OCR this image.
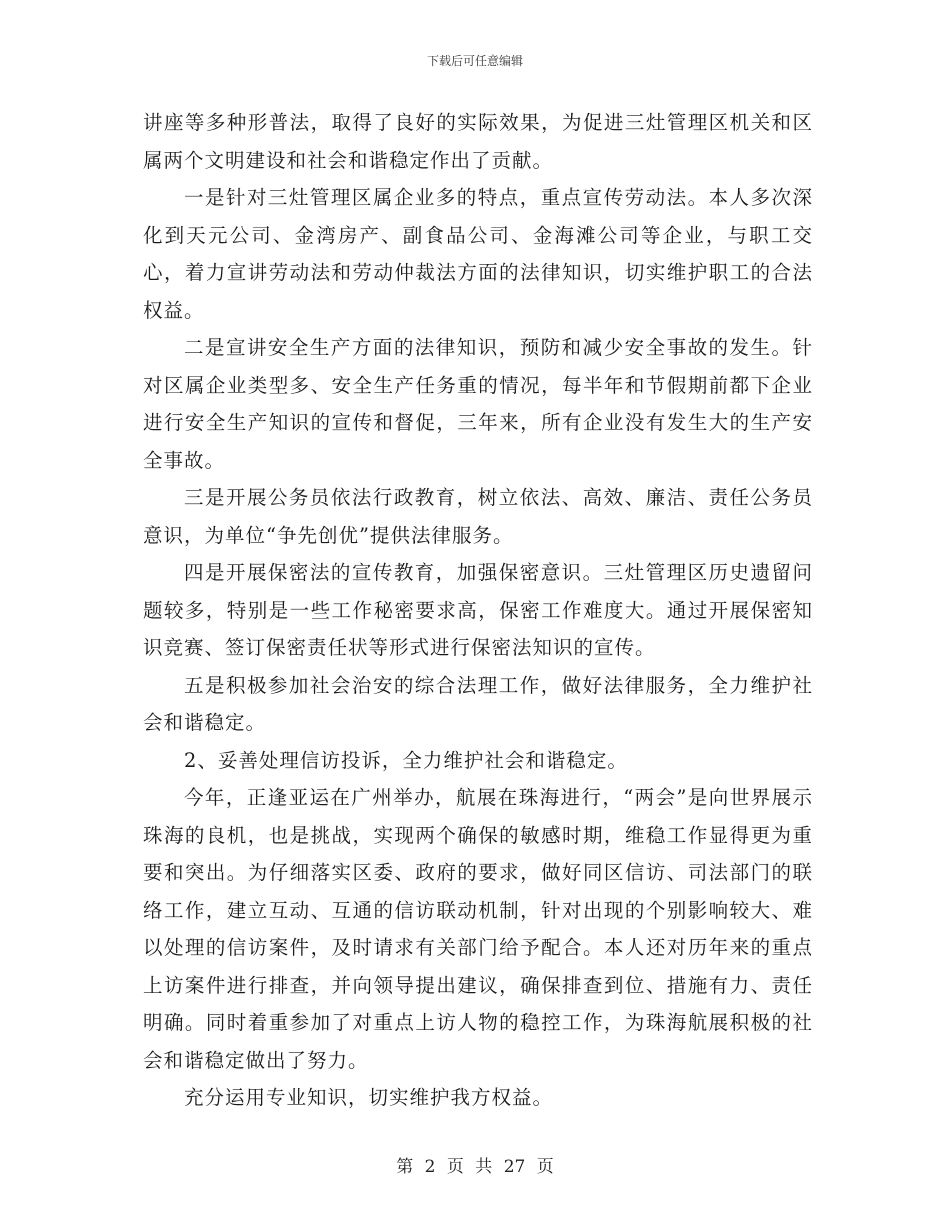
下载后可任意编辑

讲座等多种形普法，取得了良好的实际效果，为促进三灶管理区机关和区属两个文明建设和社会和谐稳定作出了贡献。

一是针对三灶管理区属企业多的特点，重点宣传劳动法。本人多次深化到天元公司、金湾房产、副食品公司、金海滩公司等企业，与职工交心，着力宣讲劳动法和劳动仲裁法方面的法律知识，切实维护职工的合法权益。

二是宣讲安全生产方面的法律知识，预防和减少安全事故的发生。针对区属企业类型多、安全生产任务重的情况，每半年和节假期前都下企业进行安全生产知识的宣传和督促，三年来，所有企业没有发生大的生产安全事故。

三是开展公务员依法行政教育，树立依法、高效、廉洁、责任公务员意识，为单位“争先创优”提供法律服务。

四是开展保密法的宣传教育，加强保密意识。三灶管理区历史遗留问题较多，特别是一些工作秘密要求高，保密工作难度大。通过开展保密知识竞赛、签订保密责任状等形式进行保密法知识的宣传。

五是积极参加社会治安的综合法理工作，做好法律服务，全力维护社会和谐稳定。

2、妥善处理信访投诉，全力维护社会和谐稳定。

今年，正逢亚运在广州举办，航展在珠海进行，“两会”是向世界展示珠海的良机，也是挑战，实现两个确保的敏感时期，维稳工作显得更为重要和突出。为仔细落实区委、政府的要求，做好同区信访、司法部门的联络工作，建立互动、互通的信访联动机制，针对出现的个别影响较大、难以处理的信访案件，及时请求有关部门给予配合。本人还对历年来的重点上访案件进行排查，并向领导提出建议，确保排查到位、措施有力、责任明确。同时着重参加了对重点上访人物的稳控工作，为珠海航展积极的社会和谐稳定做出了努力。

充分运用专业知识，切实维护我方权益。

第 2 页 共 27 页
